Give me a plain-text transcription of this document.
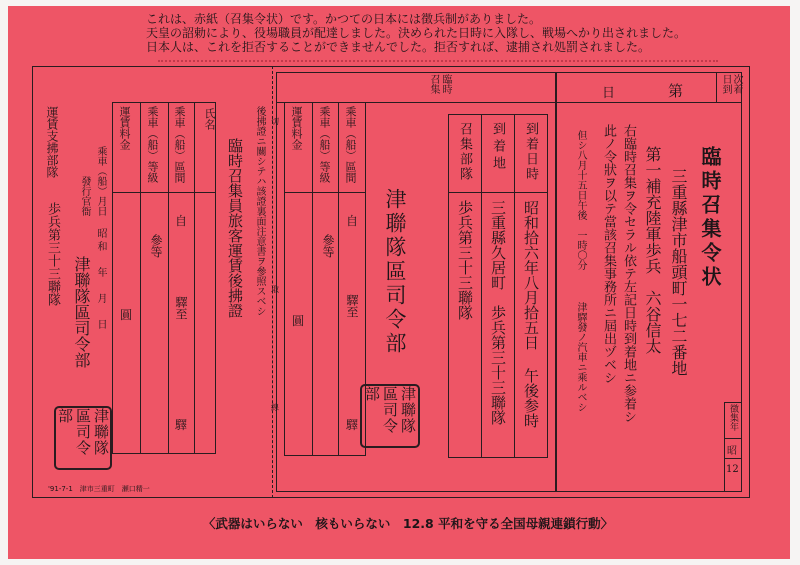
これは、赤紙（召集令状）です。かつての日本には徴兵制がありました。
天皇の詔勅により、役場職員が配達しました。決められた日時に入隊し、戦場へかり出されました。
日本人は、これを拒否することができませんでした。拒否すれば、逮捕され処罰されました。
日到 次着
第
日
臨時召集令状
三重縣津市船頭町一七二番地
第一補充陸軍歩兵　六谷信太
右臨時召集ヲ令セラル依テ左記日時到着地ニ参着シ
此ノ令狀ヲ以テ當該召集事務所ニ屆出ヅベシ
但シ八月十五日午後　一時〇分
津驛發ノ汽車ニ乘ルベシ
徴集年
昭
12
臨時
召集
到着日時
昭和拾六年八月拾五日 午後参時
到着地
三重縣久居町　歩兵第三十三聯隊
召集部隊
歩兵第三十三聯隊
津聯隊區司令部
津聯隊區司令部
乘車（船）區間
乘車（船）等級
運賃料金
自
驛至
驛
參等
圓
切
取
線
後拂證ニ關シテハ該證裏面注意書ヲ參照スベシ
臨時召集員旅客運賃後拂證
氏名
乘車（船）區間
乘車（船）等級
運賃料金
自
驛至
驛
參等
圓
乘車（船）月日
昭和　年　月　日
發行官衙
津聯隊區司令部
運賃支拂部隊
歩兵第三十三聯隊
津聯隊區司令部
'91-7-1　津市三重町　瀬口精一
〈武器はいらない　核もいらない　12.8 平和を守る全国母親連鎖行動〉
